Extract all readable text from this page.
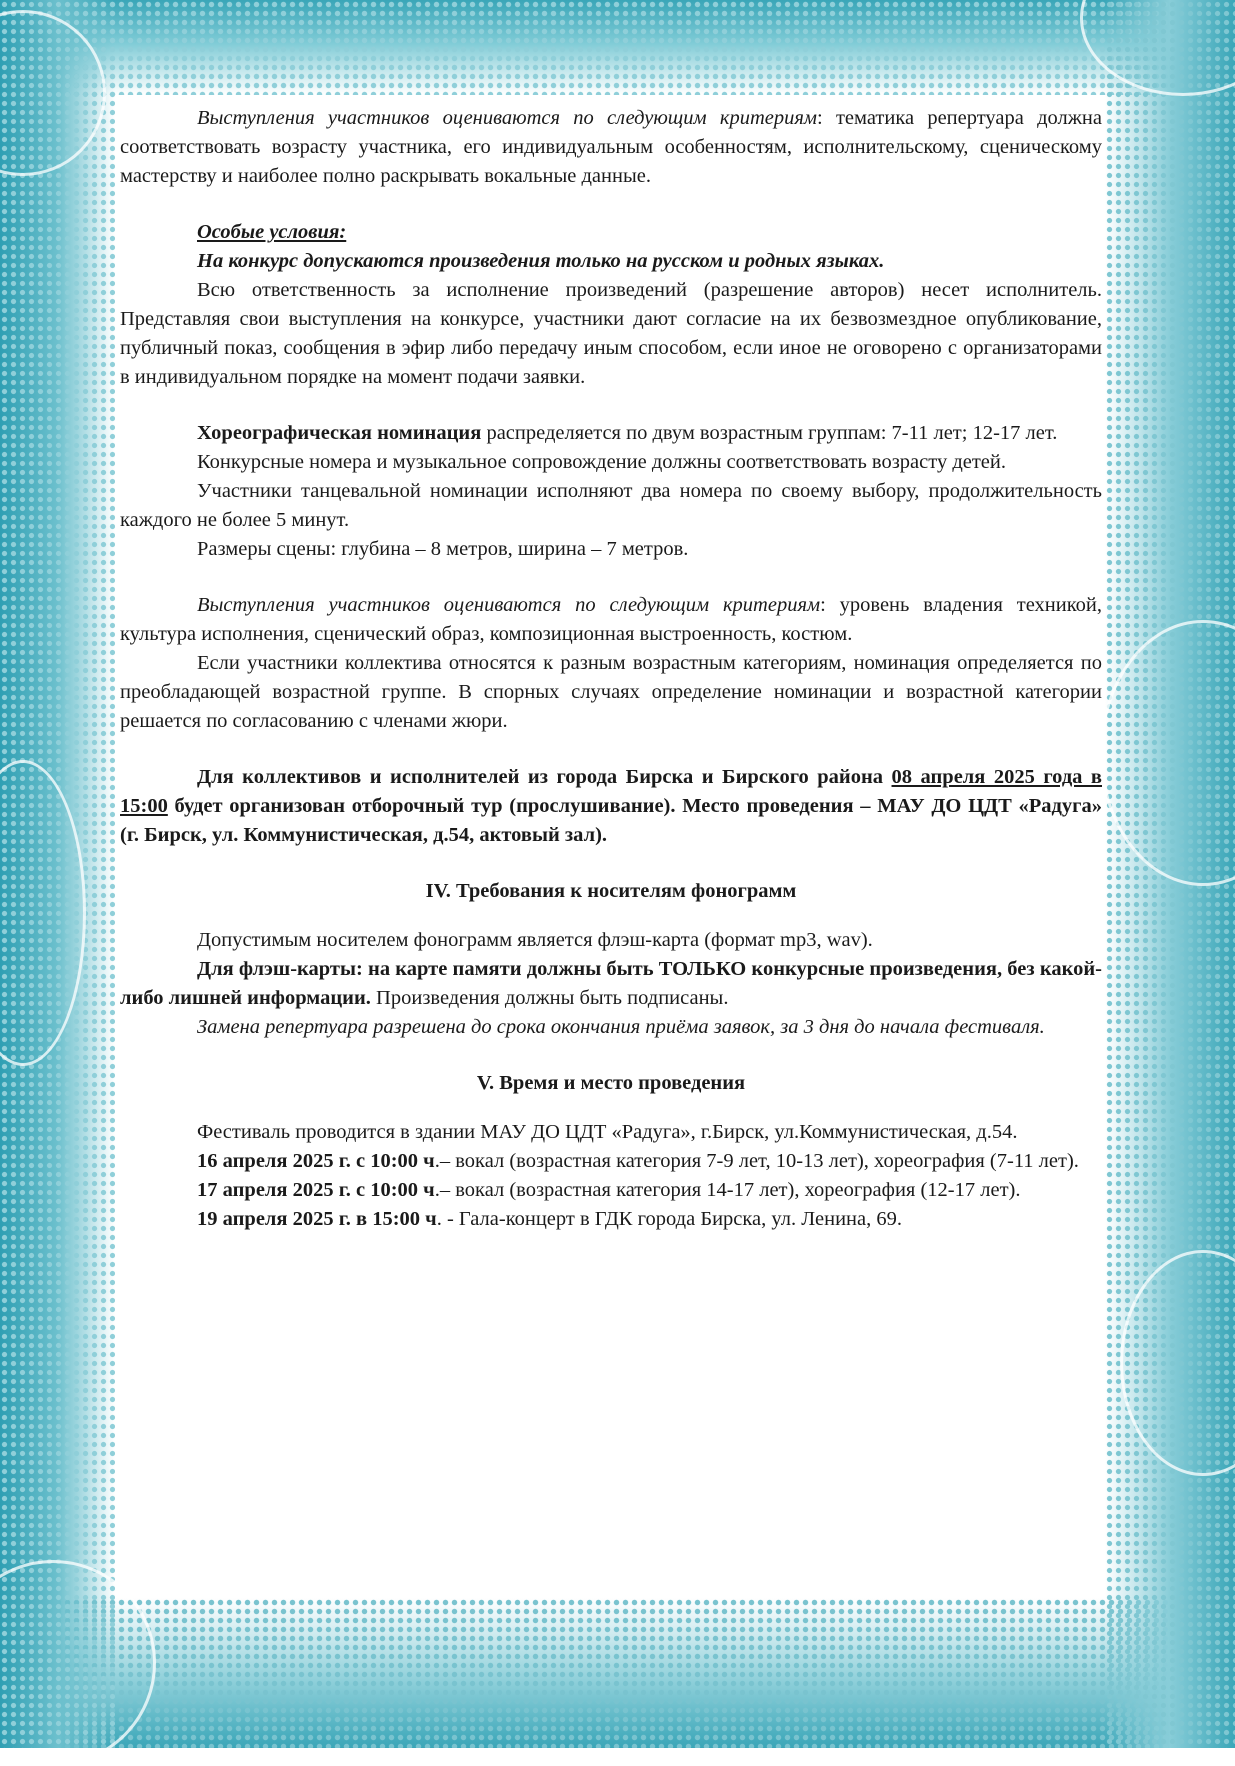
Выступления участников оцениваются по следующим критериям: тематика репертуара должна соответствовать возрасту участника, его индивидуальным особенностям, исполнительскому, сценическому мастерству и наиболее полно раскрывать вокальные данные.

Особые условия:

На конкурс допускаются произведения только на русском и родных языках.

Всю ответственность за исполнение произведений (разрешение авторов) несет исполнитель. Представляя свои выступления на конкурсе, участники дают согласие на их безвозмездное опубликование, публичный показ, сообщения в эфир либо передачу иным способом, если иное не оговорено с организаторами в индивидуальном порядке на момент подачи заявки.

Хореографическая номинация распределяется по двум возрастным группам: 7-11 лет; 12-17 лет.

Конкурсные номера и музыкальное сопровождение должны соответствовать возрасту детей.

Участники танцевальной номинации исполняют два номера по своему выбору, продолжительность каждого не более 5 минут.

Размеры сцены: глубина – 8 метров, ширина – 7 метров.

Выступления участников оцениваются по следующим критериям: уровень владения техникой, культура исполнения, сценический образ, композиционная выстроенность, костюм.

Если участники коллектива относятся к разным возрастным категориям, номинация определяется по преобладающей возрастной группе. В спорных случаях определение номинации и возрастной категории решается по согласованию с членами жюри.

Для коллективов и исполнителей из города Бирска и Бирского района 08 апреля 2025 года в 15:00 будет организован отборочный тур (прослушивание). Место проведения – МАУ ДО ЦДТ «Радуга» (г. Бирск, ул. Коммунистическая, д.54, актовый зал).

IV. Требования к носителям фонограмм

Допустимым носителем фонограмм является флэш-карта (формат mp3, wav).

Для флэш-карты: на карте памяти должны быть ТОЛЬКО конкурсные произведения, без какой-либо лишней информации. Произведения должны быть подписаны.

Замена репертуара разрешена до срока окончания приёма заявок, за 3 дня до начала фестиваля.

V. Время и место проведения

Фестиваль проводится в здании МАУ ДО ЦДТ «Радуга», г.Бирск, ул.Коммунистическая, д.54.

16 апреля 2025 г. с 10:00 ч.– вокал (возрастная категория 7-9 лет, 10-13 лет), хореография (7-11 лет).

17 апреля 2025 г. с 10:00 ч.– вокал (возрастная категория 14-17 лет), хореография (12-17 лет).

19 апреля 2025 г. в 15:00 ч. - Гала-концерт в ГДК города Бирска, ул. Ленина, 69.
